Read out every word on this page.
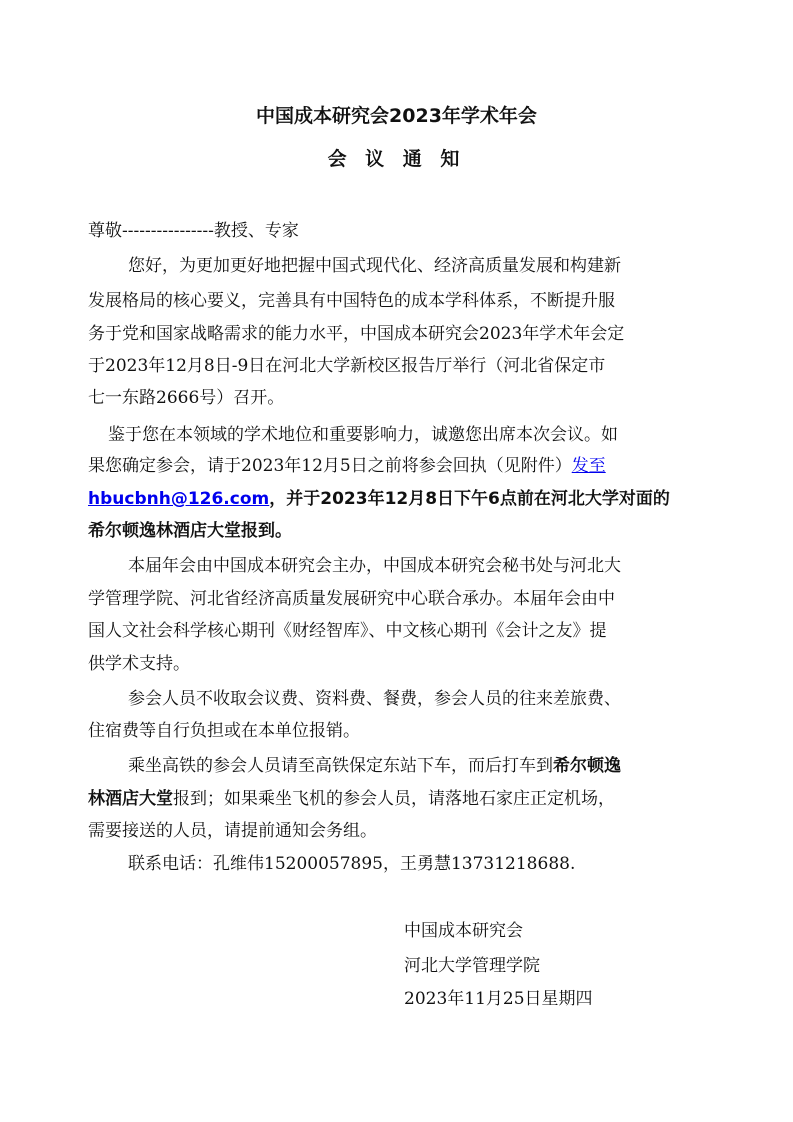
中国成本研究会2023年学术年会
会 议 通 知
尊敬----------------教授、专家
您好，为更加更好地把握中国式现代化、经济高质量发展和构建新
发展格局的核心要义，完善具有中国特色的成本学科体系，不断提升服
务于党和国家战略需求的能力水平，中国成本研究会2023年学术年会定
于2023年12月8日-9日在河北大学新校区报告厅举行（河北省保定市
七一东路2666号）召开。
鉴于您在本领域的学术地位和重要影响力，诚邀您出席本次会议。如
果您确定参会，请于2023年12月5日之前将参会回执（见附件）发至
hbucbnh@126.com，并于2023年12月8日下午6点前在河北大学对面的
希尔顿逸林酒店大堂报到。
本届年会由中国成本研究会主办，中国成本研究会秘书处与河北大
学管理学院、河北省经济高质量发展研究中心联合承办。本届年会由中
国人文社会科学核心期刊《财经智库》、中文核心期刊《会计之友》提
供学术支持。
参会人员不收取会议费、资料费、餐费，参会人员的往来差旅费、
住宿费等自行负担或在本单位报销。
乘坐高铁的参会人员请至高铁保定东站下车，而后打车到希尔顿逸
林酒店大堂报到；如果乘坐飞机的参会人员，请落地石家庄正定机场，
需要接送的人员，请提前通知会务组。
联系电话：孔维伟15200057895，王勇慧13731218688.
中国成本研究会
河北大学管理学院
2023年11月25日星期四
